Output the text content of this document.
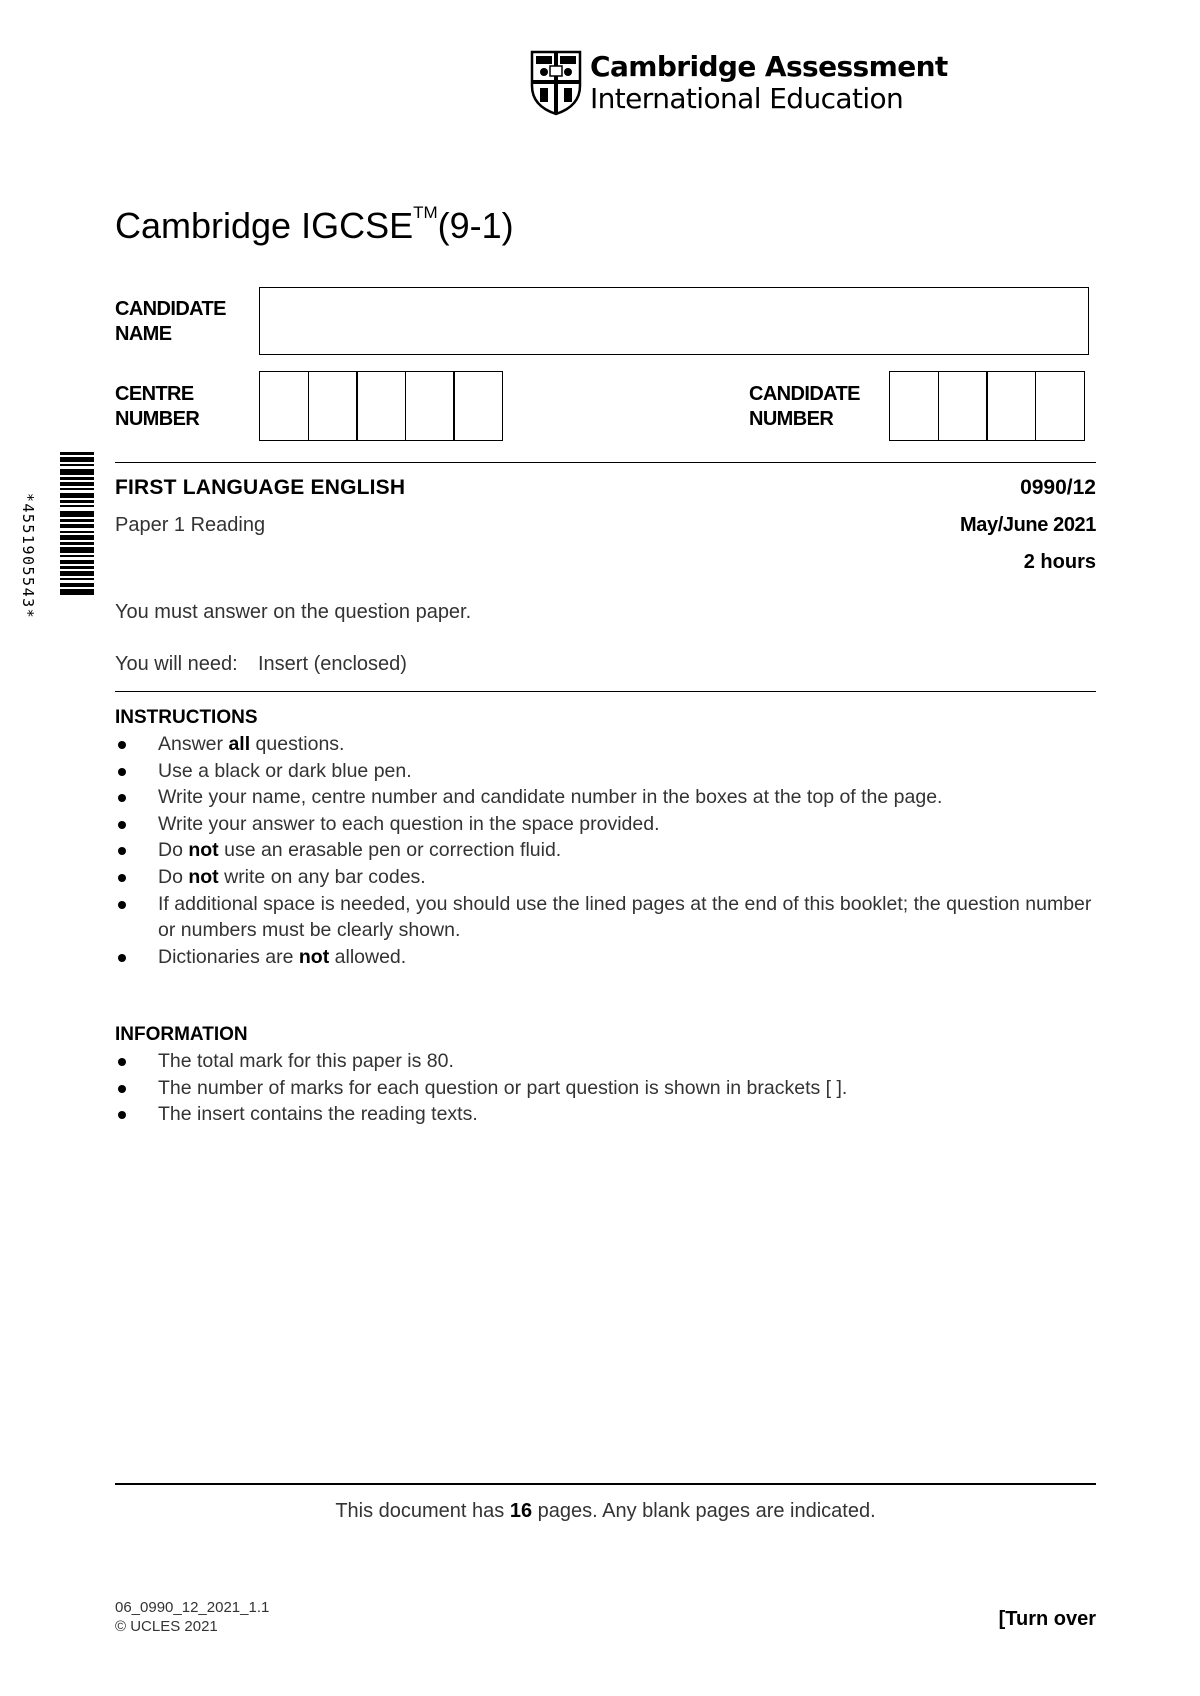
Cambridge Assessment
International Education
Cambridge IGCSE™(9-1)
CANDIDATE
NAME
CENTRE
NUMBER
CANDIDATE
NUMBER
FIRST LANGUAGE ENGLISH	0990/12
Paper 1 Reading	May/June 2021
2 hours
You must answer on the question paper.
You will need: Insert (enclosed)
INSTRUCTIONS
Answer all questions.
Use a black or dark blue pen.
Write your name, centre number and candidate number in the boxes at the top of the page.
Write your answer to each question in the space provided.
Do not use an erasable pen or correction fluid.
Do not write on any bar codes.
If additional space is needed, you should use the lined pages at the end of this booklet; the question number or numbers must be clearly shown.
Dictionaries are not allowed.
INFORMATION
The total mark for this paper is 80.
The number of marks for each question or part question is shown in brackets [ ].
The insert contains the reading texts.
This document has 16 pages. Any blank pages are indicated.
06_0990_12_2021_1.1
© UCLES 2021	[Turn over
*4551905543*
